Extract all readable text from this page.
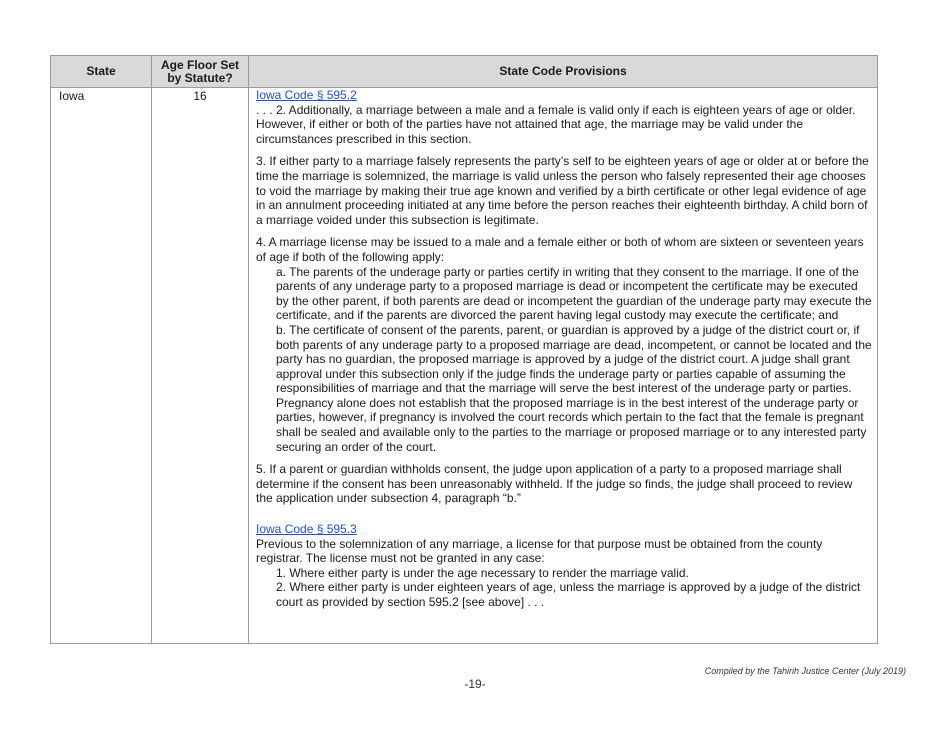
State	Age Floor Set by Statute?	State Code Provisions
Iowa	16	Iowa Code § 595.2

. . . 2. Additionally, a marriage between a male and a female is valid only if each is eighteen years of age or older. However, if either or both of the parties have not attained that age, the marriage may be valid under the circumstances prescribed in this section.

3. If either party to a marriage falsely represents the party’s self to be eighteen years of age or older at or before the time the marriage is solemnized, the marriage is valid unless the person who falsely represented their age chooses to void the marriage by making their true age known and verified by a birth certificate or other legal evidence of age in an annulment proceeding initiated at any time before the person reaches their eighteenth birthday. A child born of a marriage voided under this subsection is legitimate.

4. A marriage license may be issued to a male and a female either or both of whom are sixteen or seventeen years of age if both of the following apply:

a. The parents of the underage party or parties certify in writing that they consent to the marriage. If one of the parents of any underage party to a proposed marriage is dead or incompetent the certificate may be executed by the other parent, if both parents are dead or incompetent the guardian of the underage party may execute the certificate, and if the parents are divorced the parent having legal custody may execute the certificate; and

b. The certificate of consent of the parents, parent, or guardian is approved by a judge of the district court or, if both parents of any underage party to a proposed marriage are dead, incompetent, or cannot be located and the party has no guardian, the proposed marriage is approved by a judge of the district court. A judge shall grant approval under this subsection only if the judge finds the underage party or parties capable of assuming the responsibilities of marriage and that the marriage will serve the best interest of the underage party or parties. Pregnancy alone does not establish that the proposed marriage is in the best interest of the underage party or parties, however, if pregnancy is involved the court records which pertain to the fact that the female is pregnant shall be sealed and available only to the parties to the marriage or proposed marriage or to any interested party securing an order of the court.

5. If a parent or guardian withholds consent, the judge upon application of a party to a proposed marriage shall determine if the consent has been unreasonably withheld. If the judge so finds, the judge shall proceed to review the application under subsection 4, paragraph “b.”

Iowa Code § 595.3

Previous to the solemnization of any marriage, a license for that purpose must be obtained from the county registrar. The license must not be granted in any case:

1. Where either party is under the age necessary to render the marriage valid.

2. Where either party is under eighteen years of age, unless the marriage is approved by a judge of the district court as provided by section 595.2 [see above] . . .

Compiled by the Tahirih Justice Center (July 2019)
-19-
